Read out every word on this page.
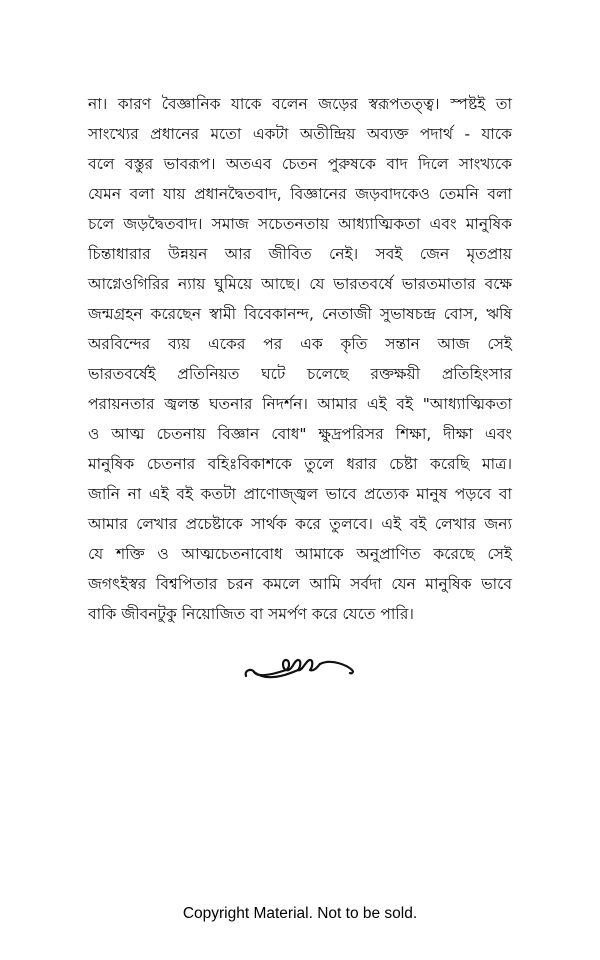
না। কারণ বৈজ্ঞানিক যাকে বলেন জড়ের স্বরূপতত্ত্ব। স্পষ্টই তা
সাংখ্যের প্রধানের মতো একটা অতীন্দ্রিয় অব্যক্ত পদার্থ - যাকে
বলে বস্তুর ভাবরূপ। অতএব চেতন পুরুষকে বাদ দিলে সাংখ্যকে
যেমন বলা যায় প্রধানদ্বৈতবাদ, বিজ্ঞানের জড়বাদকেও তেমনি বলা
চলে জড়দ্বৈতবাদ। সমাজ সচেতনতায় আধ্যাত্মিকতা এবং মানুষিক
চিন্তাধারার উন্নয়ন আর জীবিত নেই। সবই জেন মৃতপ্রায়
আগ্নেওগিরির ন্যায় ঘুমিয়ে আছে। যে ভারতবর্ষে ভারতমাতার বক্ষে
জন্মগ্রহন করেছেন স্বামী বিবেকানন্দ, নেতাজী সুভাষচন্দ্র বোস, ঋষি
অরবিন্দের ব্যয় একের পর এক কৃতি সন্তান আজ সেই
ভারতবর্ষেই প্রতিনিয়ত ঘটে চলেছে রক্তক্ষয়ী প্রতিহিংসার
পরায়নতার জ্বলন্ত ঘতনার নিদর্শন। আমার এই বই "আধ্যাত্মিকতা
ও আত্ম চেতনায় বিজ্ঞান বোধ" ক্ষুদ্রপরিসর শিক্ষা, দীক্ষা এবং
মানুষিক চেতনার বহিঃবিকাশকে তুলে ধরার চেষ্টা করেছি মাত্র।
জানি না এই বই কতটা প্রাণোজ্জ্বল ভাবে প্রত্যেক মানুষ পড়বে বা
আমার লেখার প্রচেষ্টাকে সার্থক করে তুলবে। এই বই লেখার জন্য
যে শক্তি ও আত্মচেতনাবোধ আমাকে অনুপ্রাণিত করেছে সেই
জগৎইস্বর বিশ্বপিতার চরন কমলে আমি সর্বদা যেন মানুষিক ভাবে
বাকি জীবনটুকু নিয়োজিত বা সমর্পণ করে যেতে পারি।
Copyright Material. Not to be sold.
